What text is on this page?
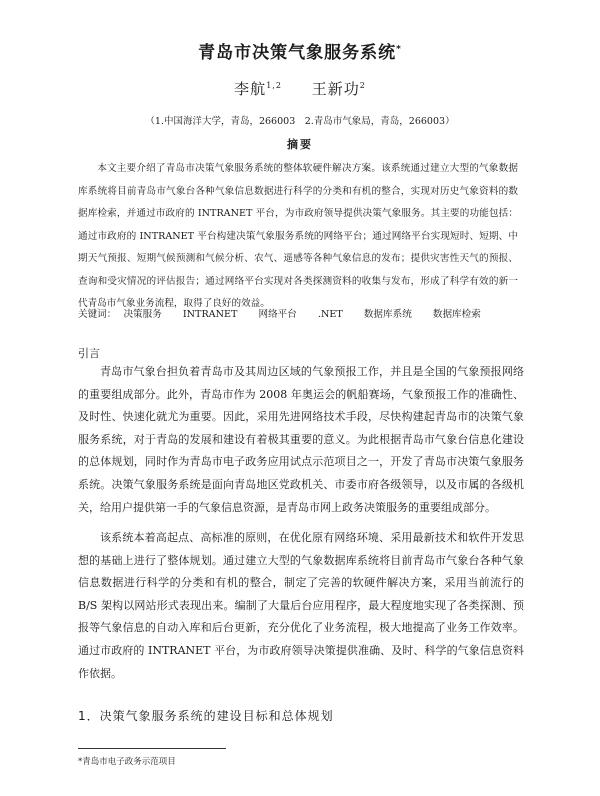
青岛市决策气象服务系统*
李航$^{1,2}$ 王新功$^2$
（1.中国海洋大学，青岛，266003　2.青岛市气象局，青岛，266003）
摘要

本文主要介绍了青岛市决策气象服务系统的整体软硬件解决方案。该系统通过建立大型的气象数据库系统将目前青岛市气象台各种气象信息数据进行科学的分类和有机的整合，实现对历史气象资料的数据库检索，并通过市政府的 INTRANET 平台，为市政府领导提供决策气象服务。其主要的功能包括：通过市政府的 INTRANET 平台构建决策气象服务系统的网络平台；通过网络平台实现短时、短期、中期天气预报、短期气候预测和气候分析、农气、遥感等各种气象信息的发布；提供灾害性天气的预报、查询和受灾情况的评估报告；通过网络平台实现对各类探测资料的收集与发布，形成了科学有效的新一代青岛市气象业务流程，取得了良好的效益。

关键词： 决策服务 INTRANET 网络平台 .NET 数据库系统 数据库检索
引言

青岛市气象台担负着青岛市及其周边区域的气象预报工作，并且是全国的气象预报网络的重要组成部分。此外，青岛市作为 2008 年奥运会的帆船赛场，气象预报工作的准确性、及时性、快速化就尤为重要。因此，采用先进网络技术手段，尽快构建起青岛市的决策气象服务系统，对于青岛的发展和建设有着极其重要的意义。为此根据青岛市气象台信息化建设的总体规划，同时作为青岛市电子政务应用试点示范项目之一，开发了青岛市决策气象服务系统。决策气象服务系统是面向青岛地区党政机关、市委市府各级领导，以及市属的各级机关，给用户提供第一手的气象信息资源，是青岛市网上政务决策服务的重要组成部分。

该系统本着高起点、高标准的原则，在优化原有网络环境、采用最新技术和软件开发思想的基础上进行了整体规划。通过建立大型的气象数据库系统将目前青岛市气象台各种气象信息数据进行科学的分类和有机的整合，制定了完善的软硬件解决方案，采用当前流行的 B/S 架构以网站形式表现出来。编制了大量后台应用程序，最大程度地实现了各类探测、预报等气象信息的自动入库和后台更新，充分优化了业务流程，极大地提高了业务工作效率。通过市政府的 INTRANET 平台，为市政府领导决策提供准确、及时、科学的气象信息资料作依据。

1．决策气象服务系统的建设目标和总体规划
*青岛市电子政务示范项目
